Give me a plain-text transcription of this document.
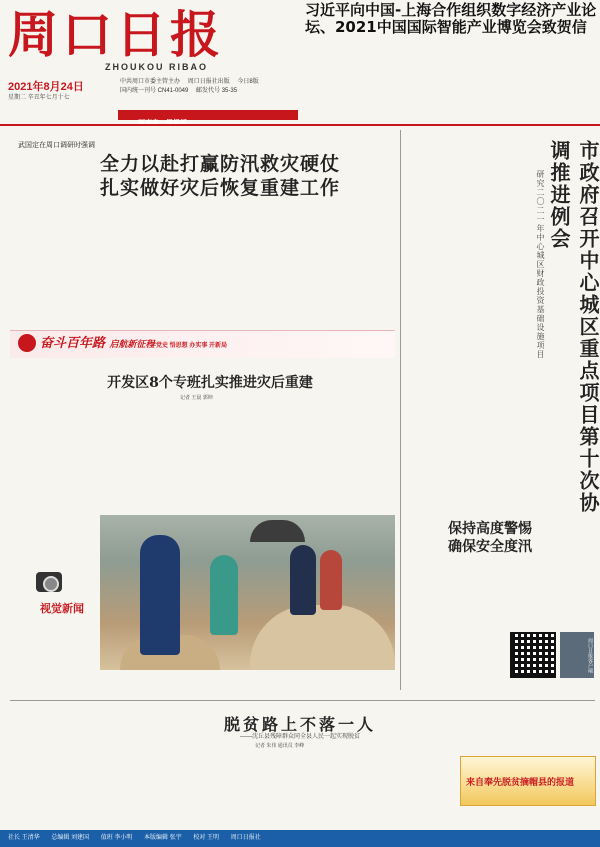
周口日报
ZHOUKOU RIBAO
2021年8月24日
星期二 辛丑年七月十七
中共周口市委主管主办 周口日报社出版 今日8版 国内统一刊号 CN41-0049 邮发代号 35-35
习近平向中国-上海合作组织数字经济产业论坛、2021中国国际智能产业博览会致贺信
武国定在周口调研时强调
全力以赴打赢防汛救灾硬仗
扎实做好灾后恢复重建工作	市政府召开中心城区重点项目第十次协调推进例会
研究二〇二一年中心城区财政投资基础设施项目
奋斗百年路 启航新征程
学党史 悟思想 办实事 开新局
开发区8个专班扎实推进灾后重建
记者 王晨 郭坤
视觉新闻
保持高度警惕
确保安全度汛
周口日报客户端
脱贫路上不落一人
——沈丘县残障群众同全县人民一起实现脱贫
记者 朱伟 通讯员 李峰
来自奉先脱贫摘帽县的报道
社长 王清华 总编辑 刘建国 值班 李小明 本版编辑 张宇 校对 王明 周口日报社
